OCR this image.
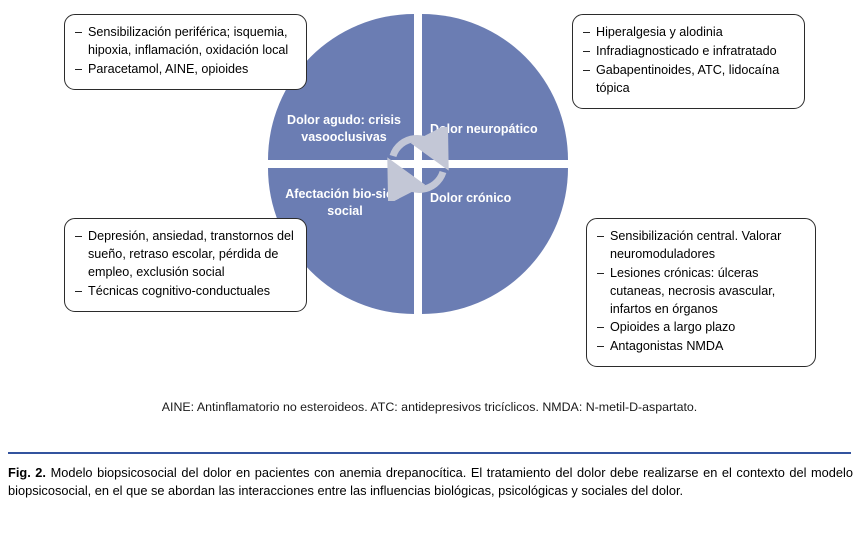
Dolor agudo: crisis vasooclusivas
Dolor neuropático
Afectación bio-sico-social
Dolor crónico
– Sensibilización periférica; isquemia, hipoxia, inflamación, oxidación local
– Paracetamol, AINE, opioides
– Hiperalgesia y alodinia
– Infradiagnosticado e infratratado
– Gabapentinoides, ATC, lidocaína tópica
– Depresión, ansiedad, transtornos del sueño, retraso escolar, pérdida de empleo, exclusión social
– Técnicas cognitivo-conductuales
– Sensibilización central. Valorar neuromoduladores
– Lesiones crónicas: úlceras cutaneas, necrosis avascular, infartos en órganos
– Opioides a largo plazo
– Antagonistas NMDA
AINE: Antinflamatorio no esteroideos. ATC: antidepresivos tricíclicos. NMDA: N-metil-D-aspartato.
Fig. 2. Modelo biopsicosocial del dolor en pacientes con anemia drepanocítica. El tratamiento del dolor debe realizarse en el contexto del modelo biopsicosocial, en el que se abordan las interacciones entre las influencias biológicas, psicológicas y sociales del dolor.
